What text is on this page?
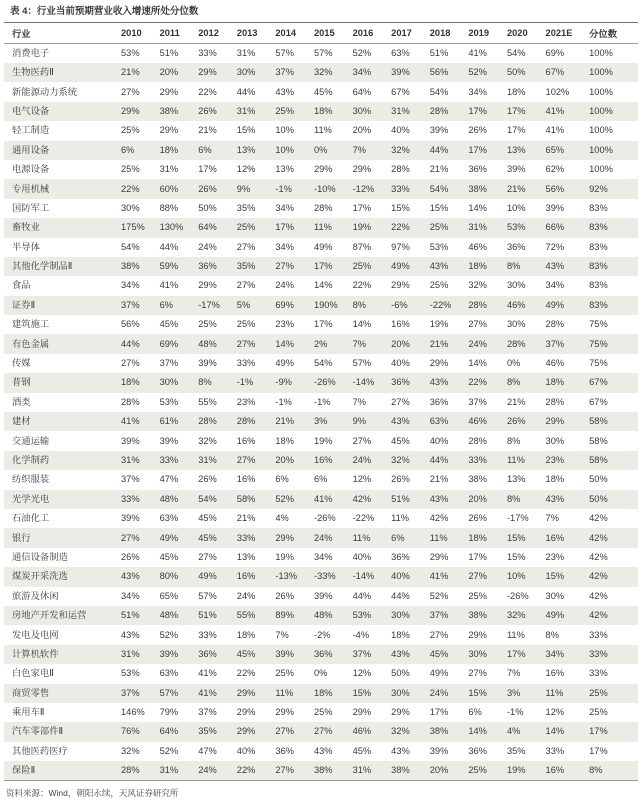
表 4：行业当前预期营业收入增速所处分位数
行业	2010	2011	2012	2013	2014	2015	2016	2017	2018	2019	2020	2021E	分位数
消费电子	53%	51%	33%	31%	57%	57%	52%	63%	51%	41%	54%	69%	100%
生物医药Ⅱ	21%	20%	29%	30%	37%	32%	34%	39%	56%	52%	50%	67%	100%
新能源动力系统	27%	29%	22%	44%	43%	45%	64%	67%	54%	34%	18%	102%	100%
电气设备	29%	38%	26%	31%	25%	18%	30%	31%	28%	17%	17%	41%	100%
轻工制造	25%	29%	21%	15%	10%	11%	20%	40%	39%	26%	17%	41%	100%
通用设备	6%	18%	6%	13%	10%	0%	7%	32%	44%	17%	13%	65%	100%
电源设备	25%	31%	17%	12%	13%	29%	29%	28%	21%	36%	39%	62%	100%
专用机械	22%	60%	26%	9%	-1%	-10%	-12%	33%	54%	38%	21%	56%	92%
国防军工	30%	88%	50%	35%	34%	28%	17%	15%	15%	14%	10%	39%	83%
畜牧业	175%	130%	64%	25%	17%	11%	19%	22%	25%	31%	53%	66%	83%
半导体	54%	44%	24%	27%	34%	49%	87%	97%	53%	46%	36%	72%	83%
其他化学制品Ⅱ	38%	59%	36%	35%	27%	17%	25%	49%	43%	18%	8%	43%	83%
食品	34%	41%	29%	27%	24%	14%	22%	29%	25%	32%	30%	34%	83%
证券Ⅱ	37%	6%	-17%	5%	69%	190%	8%	-6%	-22%	28%	46%	49%	83%
建筑施工	56%	45%	25%	25%	23%	17%	14%	16%	19%	27%	30%	28%	75%
有色金属	44%	69%	48%	27%	14%	2%	7%	20%	21%	24%	28%	37%	75%
传媒	27%	37%	39%	33%	49%	54%	57%	40%	29%	14%	0%	46%	75%
普钢	18%	30%	8%	-1%	-9%	-26%	-14%	36%	43%	22%	8%	18%	67%
酒类	28%	53%	55%	23%	-1%	-1%	7%	27%	36%	37%	21%	28%	67%
建材	41%	61%	28%	28%	21%	3%	9%	43%	63%	46%	26%	29%	58%
交通运输	39%	39%	32%	16%	18%	19%	27%	45%	40%	28%	8%	30%	58%
化学制药	31%	33%	31%	27%	20%	16%	24%	32%	44%	33%	11%	23%	58%
纺织服装	37%	47%	26%	16%	6%	6%	12%	26%	21%	38%	13%	18%	50%
光学光电	33%	48%	54%	58%	52%	41%	42%	51%	43%	20%	8%	43%	50%
石油化工	39%	63%	45%	21%	4%	-26%	-22%	11%	42%	26%	-17%	7%	42%
银行	27%	49%	45%	33%	29%	24%	11%	6%	11%	18%	15%	16%	42%
通信设备制造	26%	45%	27%	13%	19%	34%	40%	36%	29%	17%	15%	23%	42%
煤炭开采洗选	43%	80%	49%	16%	-13%	-33%	-14%	40%	41%	27%	10%	15%	42%
旅游及休闲	34%	65%	57%	24%	26%	39%	44%	44%	52%	25%	-26%	30%	42%
房地产开发和运营	51%	48%	51%	55%	89%	48%	53%	30%	37%	38%	32%	49%	42%
发电及电网	43%	52%	33%	18%	7%	-2%	-4%	18%	27%	29%	11%	8%	33%
计算机软件	31%	39%	36%	45%	39%	36%	37%	43%	45%	30%	17%	34%	33%
白色家电Ⅱ	53%	63%	41%	22%	25%	0%	12%	50%	49%	27%	7%	16%	33%
商贸零售	37%	57%	41%	29%	11%	18%	15%	30%	24%	15%	3%	11%	25%
乘用车Ⅱ	146%	79%	37%	29%	29%	25%	29%	29%	17%	6%	-1%	12%	25%
汽车零部件Ⅱ	76%	64%	35%	29%	27%	27%	46%	32%	38%	14%	4%	14%	17%
其他医药医疗	32%	52%	47%	40%	36%	43%	45%	43%	39%	36%	35%	33%	17%
保险Ⅱ	28%	31%	24%	22%	27%	38%	31%	38%	20%	25%	19%	16%	8%
资料来源：Wind，朝阳永续，天风证券研究所
